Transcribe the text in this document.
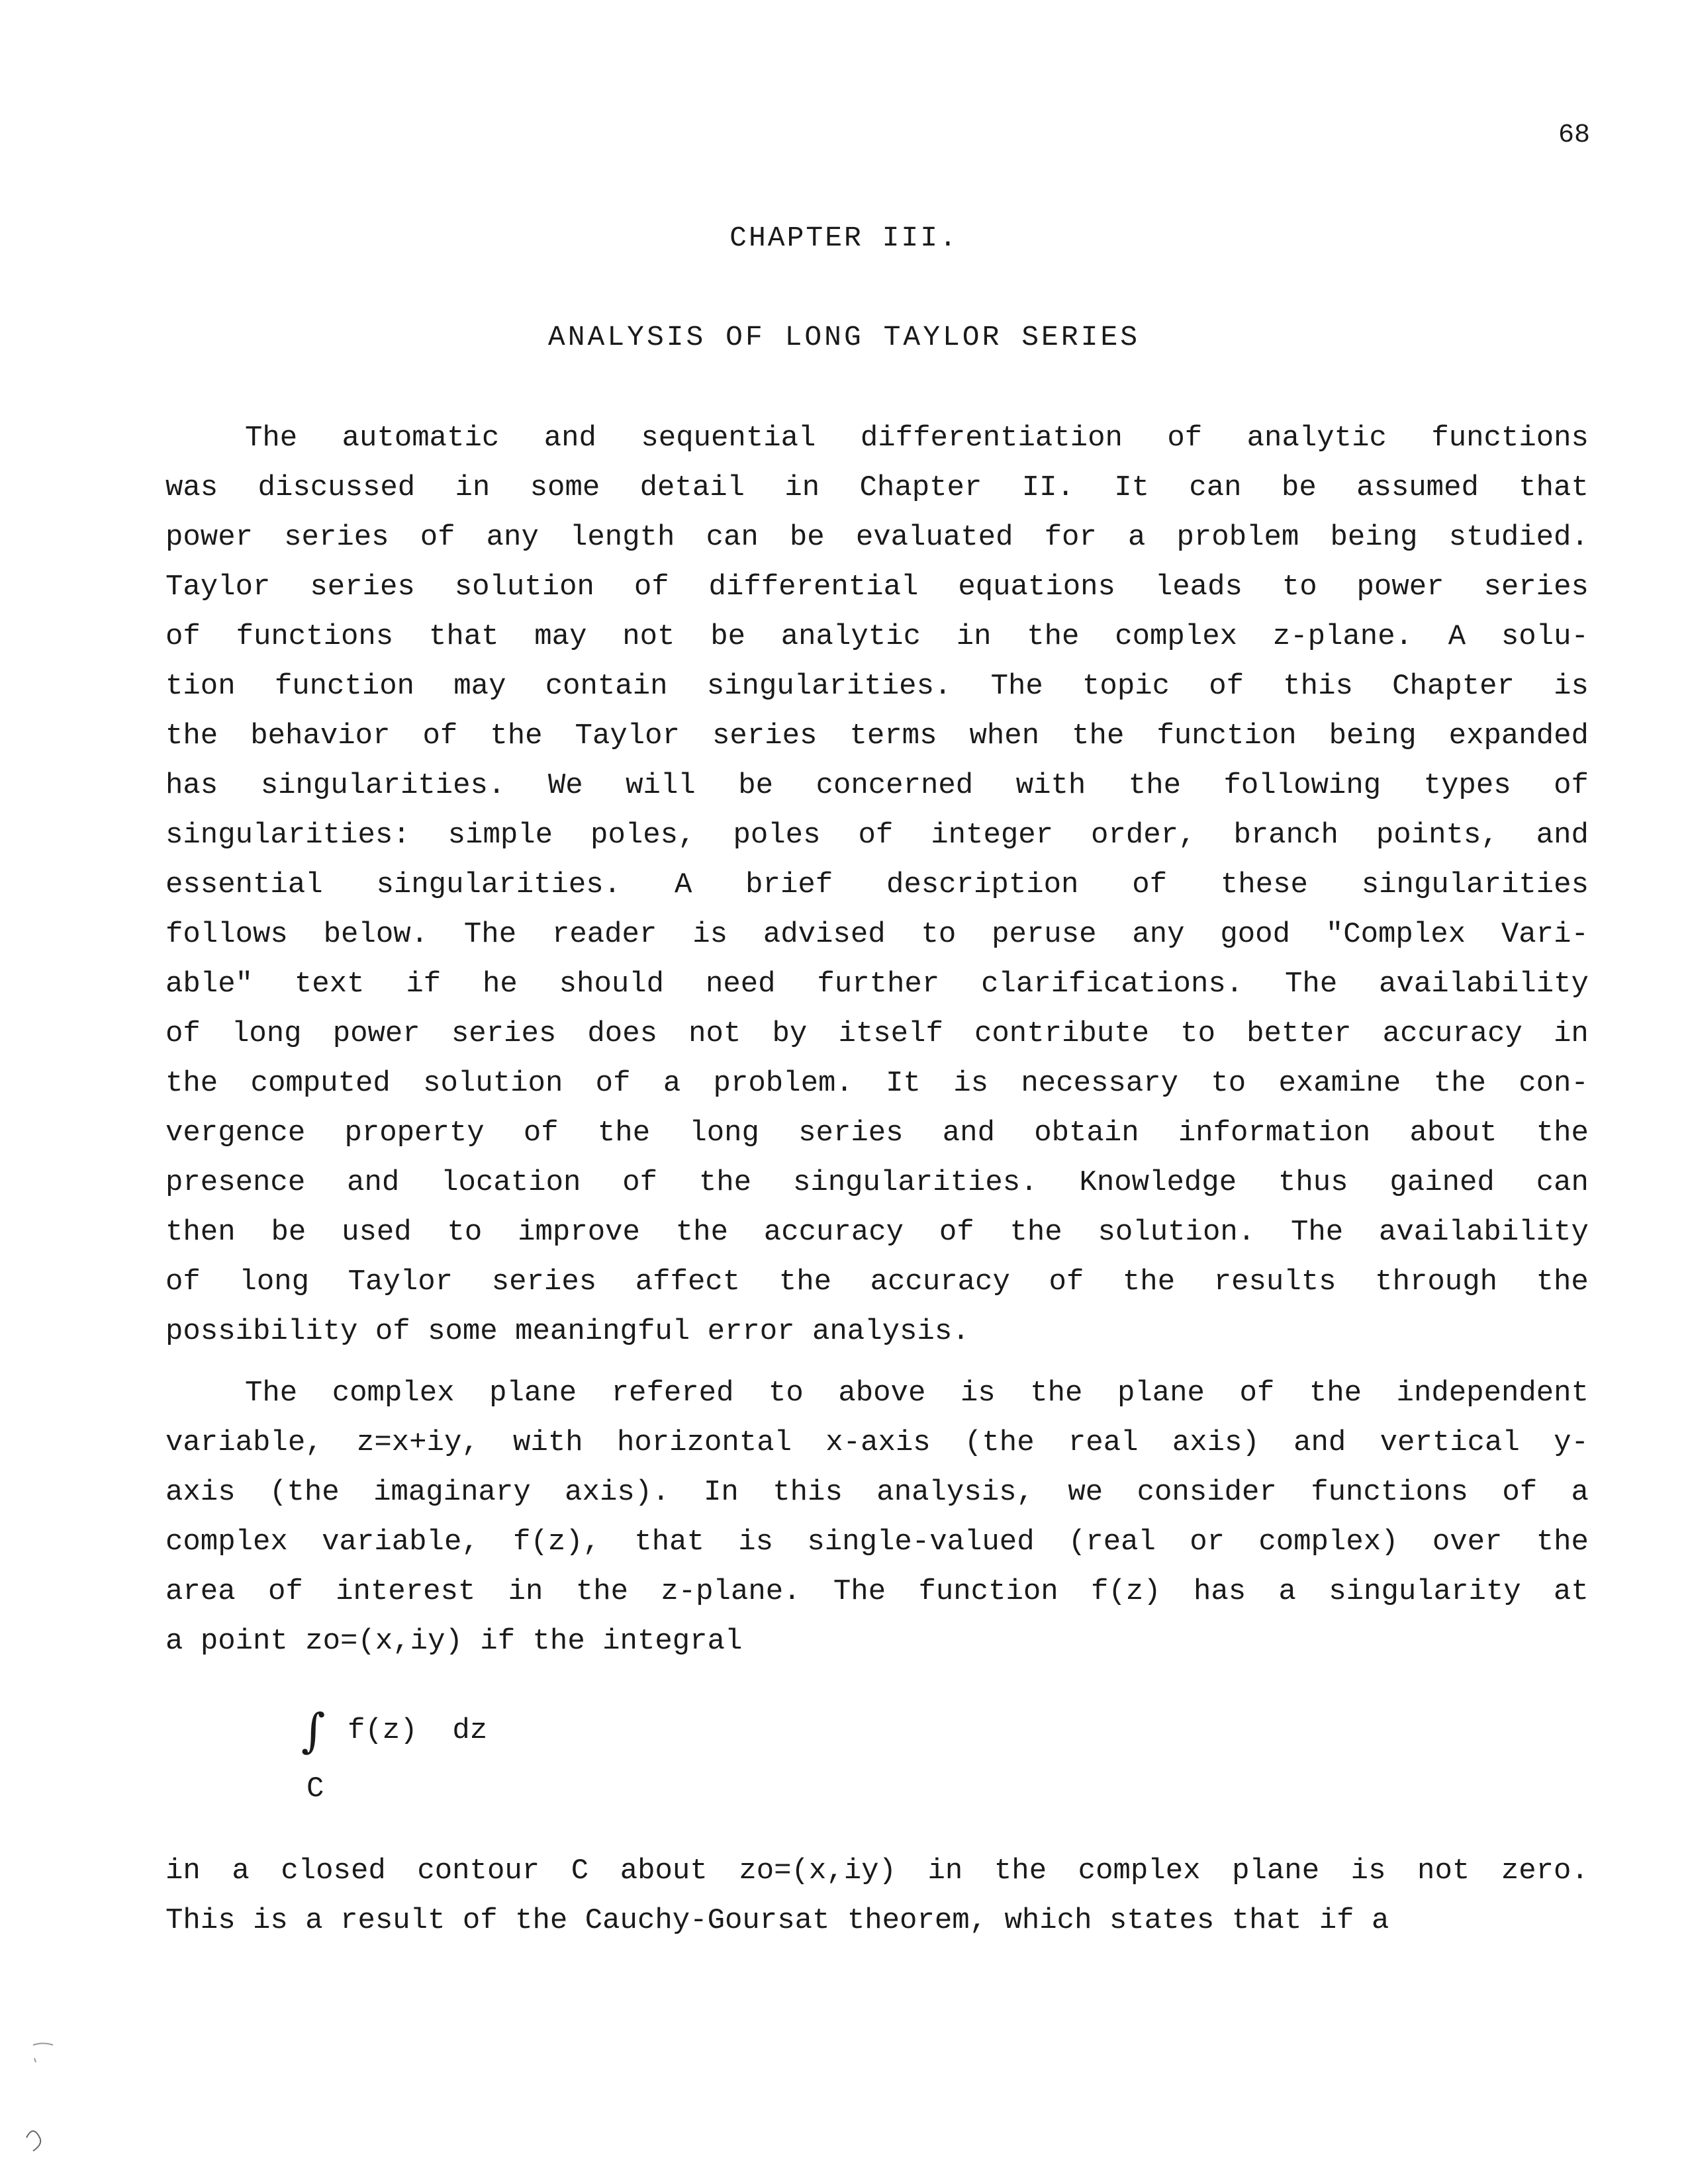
68
CHAPTER III.
ANALYSIS OF LONG TAYLOR SERIES
The automatic and sequential differentiation of analytic functions
was discussed in some detail in Chapter II. It can be assumed that
power series of any length can be evaluated for a problem being studied.
Taylor series solution of differential equations leads to power series
of functions that may not be analytic in the complex z-plane. A solu-
tion function may contain singularities. The topic of this Chapter is
the behavior of the Taylor series terms when the function being expanded
has singularities. We will be concerned with the following types of
singularities: simple poles, poles of integer order, branch points, and
essential singularities. A brief description of these singularities
follows below. The reader is advised to peruse any good "Complex Vari-
able" text if he should need further clarifications. The availability
of long power series does not by itself contribute to better accuracy in
the computed solution of a problem. It is necessary to examine the con-
vergence property of the long series and obtain information about the
presence and location of the singularities. Knowledge thus gained can
then be used to improve the accuracy of the solution. The availability
of long Taylor series affect the accuracy of the results through the
possibility of some meaningful error analysis.
The complex plane refered to above is the plane of the independent
variable, z=x+iy, with horizontal x-axis (the real axis) and vertical y-
axis (the imaginary axis). In this analysis, we consider functions of a
complex variable, f(z), that is single-valued (real or complex) over the
area of interest in the z-plane. The function f(z) has a singularity at
a point zo=(x,iy) if the integral
∫ f(z)  dz
C
in a closed contour C about zo=(x,iy) in the complex plane is not zero.
This is a result of the Cauchy-Goursat theorem, which states that if a
